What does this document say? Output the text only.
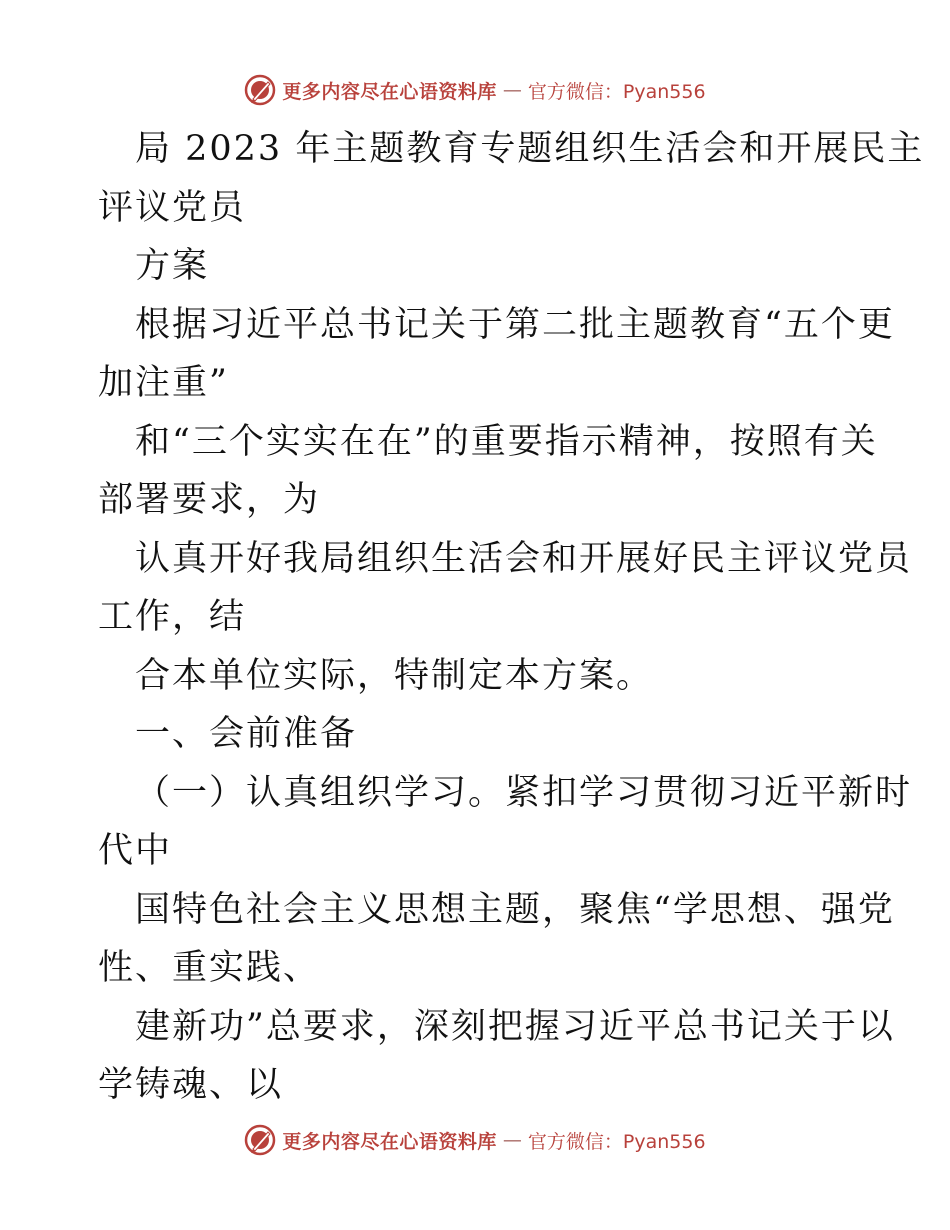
更多内容尽在心语资料库 — 官方微信：Pyan556
局 2023 年主题教育专题组织生活会和开展民主
评议党员
方案
根据习近平总书记关于第二批主题教育“五个更
加注重”
和“三个实实在在”的重要指示精神，按照有关
部署要求，为
认真开好我局组织生活会和开展好民主评议党员
工作，结
合本单位实际，特制定本方案。
一、会前准备
（一）认真组织学习。紧扣学习贯彻习近平新时
代中
国特色社会主义思想主题，聚焦“学思想、强党
性、重实践、
建新功”总要求，深刻把握习近平总书记关于以
学铸魂、以
更多内容尽在心语资料库 — 官方微信：Pyan556
